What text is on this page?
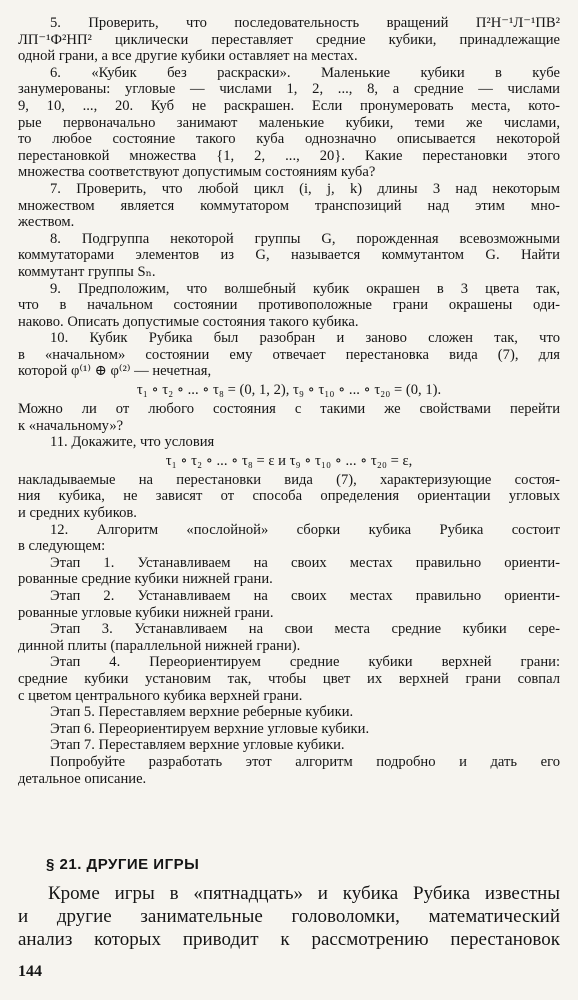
5. Проверить, что последовательность вращений П²Н⁻¹Л⁻¹ПВ²
ЛП⁻¹Ф²НП² циклически переставляет средние кубики, принадлежащие
одной грани, а все другие кубики оставляет на местах.
6. «Кубик без раскраски». Маленькие кубики в кубе
занумерованы: угловые — числами 1, 2, ..., 8, а средние — числами
9, 10, ..., 20. Куб не раскрашен. Если пронумеровать места, кото-
рые первоначально занимают маленькие кубики, теми же числами,
то любое состояние такого куба однозначно описывается некоторой
перестановкой множества {1, 2, ..., 20}. Какие перестановки этого
множества соответствуют допустимым состояниям куба?
7. Проверить, что любой цикл (i, j, k) длины 3 над некоторым
множеством является коммутатором транспозиций над этим мно-
жеством.
8. Подгруппа некоторой группы G, порожденная всевозможными
коммутаторами элементов из G, называется коммутантом G. Найти
коммутант группы Sₙ.
9. Предположим, что волшебный кубик окрашен в 3 цвета так,
что в начальном состоянии противоположные грани окрашены оди-
наково. Описать допустимые состояния такого кубика.
10. Кубик Рубика был разобран и заново сложен так, что
в «начальном» состоянии ему отвечает перестановка вида (7), для
которой φ⁽¹⁾ ⊕ φ⁽²⁾ — нечетная,
τ₁ ∘ τ₂ ∘ ... ∘ τ₈ = (0, 1, 2), τ₉ ∘ τ₁₀ ∘ ... ∘ τ₂₀ = (0, 1).
Можно ли от любого состояния с такими же свойствами перейти
к «начальному»?
11. Докажите, что условия
τ₁ ∘ τ₂ ∘ ... ∘ τ₈ = ε и τ₉ ∘ τ₁₀ ∘ ... ∘ τ₂₀ = ε,
накладываемые на перестановки вида (7), характеризующие состоя-
ния кубика, не зависят от способа определения ориентации угловых
и средних кубиков.
12. Алгоритм «послойной» сборки кубика Рубика состоит
в следующем:
Этап 1. Устанавливаем на своих местах правильно ориенти-
рованные средние кубики нижней грани.
Этап 2. Устанавливаем на своих местах правильно ориенти-
рованные угловые кубики нижней грани.
Этап 3. Устанавливаем на свои места средние кубики серe-
динной плиты (параллельной нижней грани).
Этап 4. Переориентируем средние кубики верхней грани:
средние кубики установим так, чтобы цвет их верхней грани совпал
с цветом центрального кубика верхней грани.
Этап 5. Переставляем верхние реберные кубики.
Этап 6. Переориентируем верхние угловые кубики.
Этап 7. Переставляем верхние угловые кубики.
Попробуйте разработать этот алгоритм подробно и дать его
детальное описание.
§ 21. ДРУГИЕ ИГРЫ
Кроме игры в «пятнадцать» и кубика Рубика известны
и другие занимательные головоломки, математический
анализ которых приводит к рассмотрению перестановок
144
